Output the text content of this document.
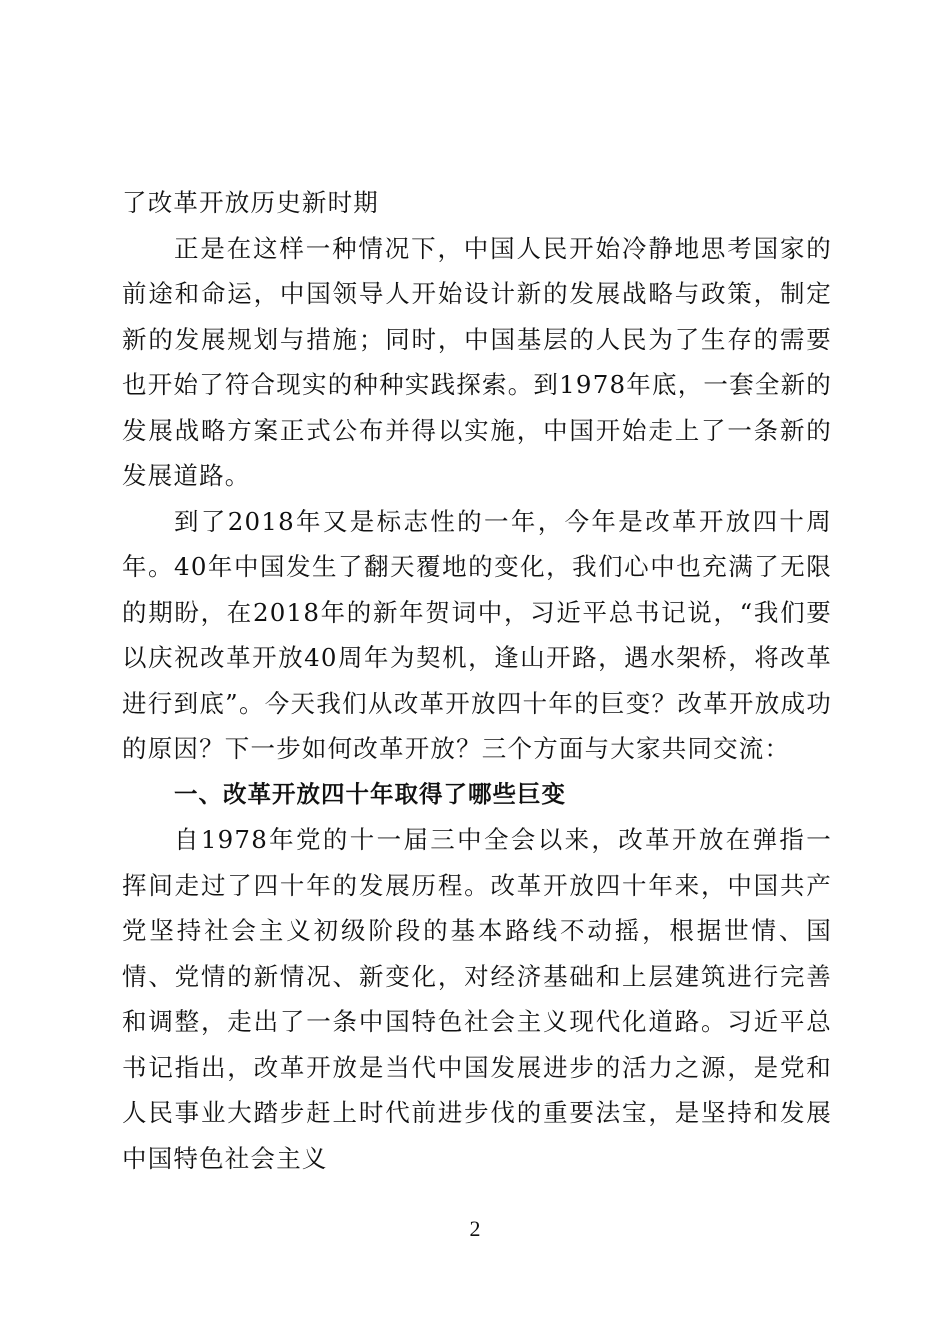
了改革开放历史新时期

正是在这样一种情况下，中国人民开始冷静地思考国家的前途和命运，中国领导人开始设计新的发展战略与政策，制定新的发展规划与措施；同时，中国基层的人民为了生存的需要也开始了符合现实的种种实践探索。到1978年底，一套全新的发展战略方案正式公布并得以实施，中国开始走上了一条新的发展道路。

到了2018年又是标志性的一年，今年是改革开放四十周年。40年中国发生了翻天覆地的变化，我们心中也充满了无限的期盼，在2018年的新年贺词中，习近平总书记说，“我们要以庆祝改革开放40周年为契机，逢山开路，遇水架桥，将改革进行到底”。今天我们从改革开放四十年的巨变？改革开放成功的原因？下一步如何改革开放？三个方面与大家共同交流：

一、改革开放四十年取得了哪些巨变

自1978年党的十一届三中全会以来，改革开放在弹指一挥间走过了四十年的发展历程。改革开放四十年来，中国共产党坚持社会主义初级阶段的基本路线不动摇，根据世情、国情、党情的新情况、新变化，对经济基础和上层建筑进行完善和调整，走出了一条中国特色社会主义现代化道路。习近平总书记指出，改革开放是当代中国发展进步的活力之源，是党和人民事业大踏步赶上时代前进步伐的重要法宝，是坚持和发展中国特色社会主义

2
